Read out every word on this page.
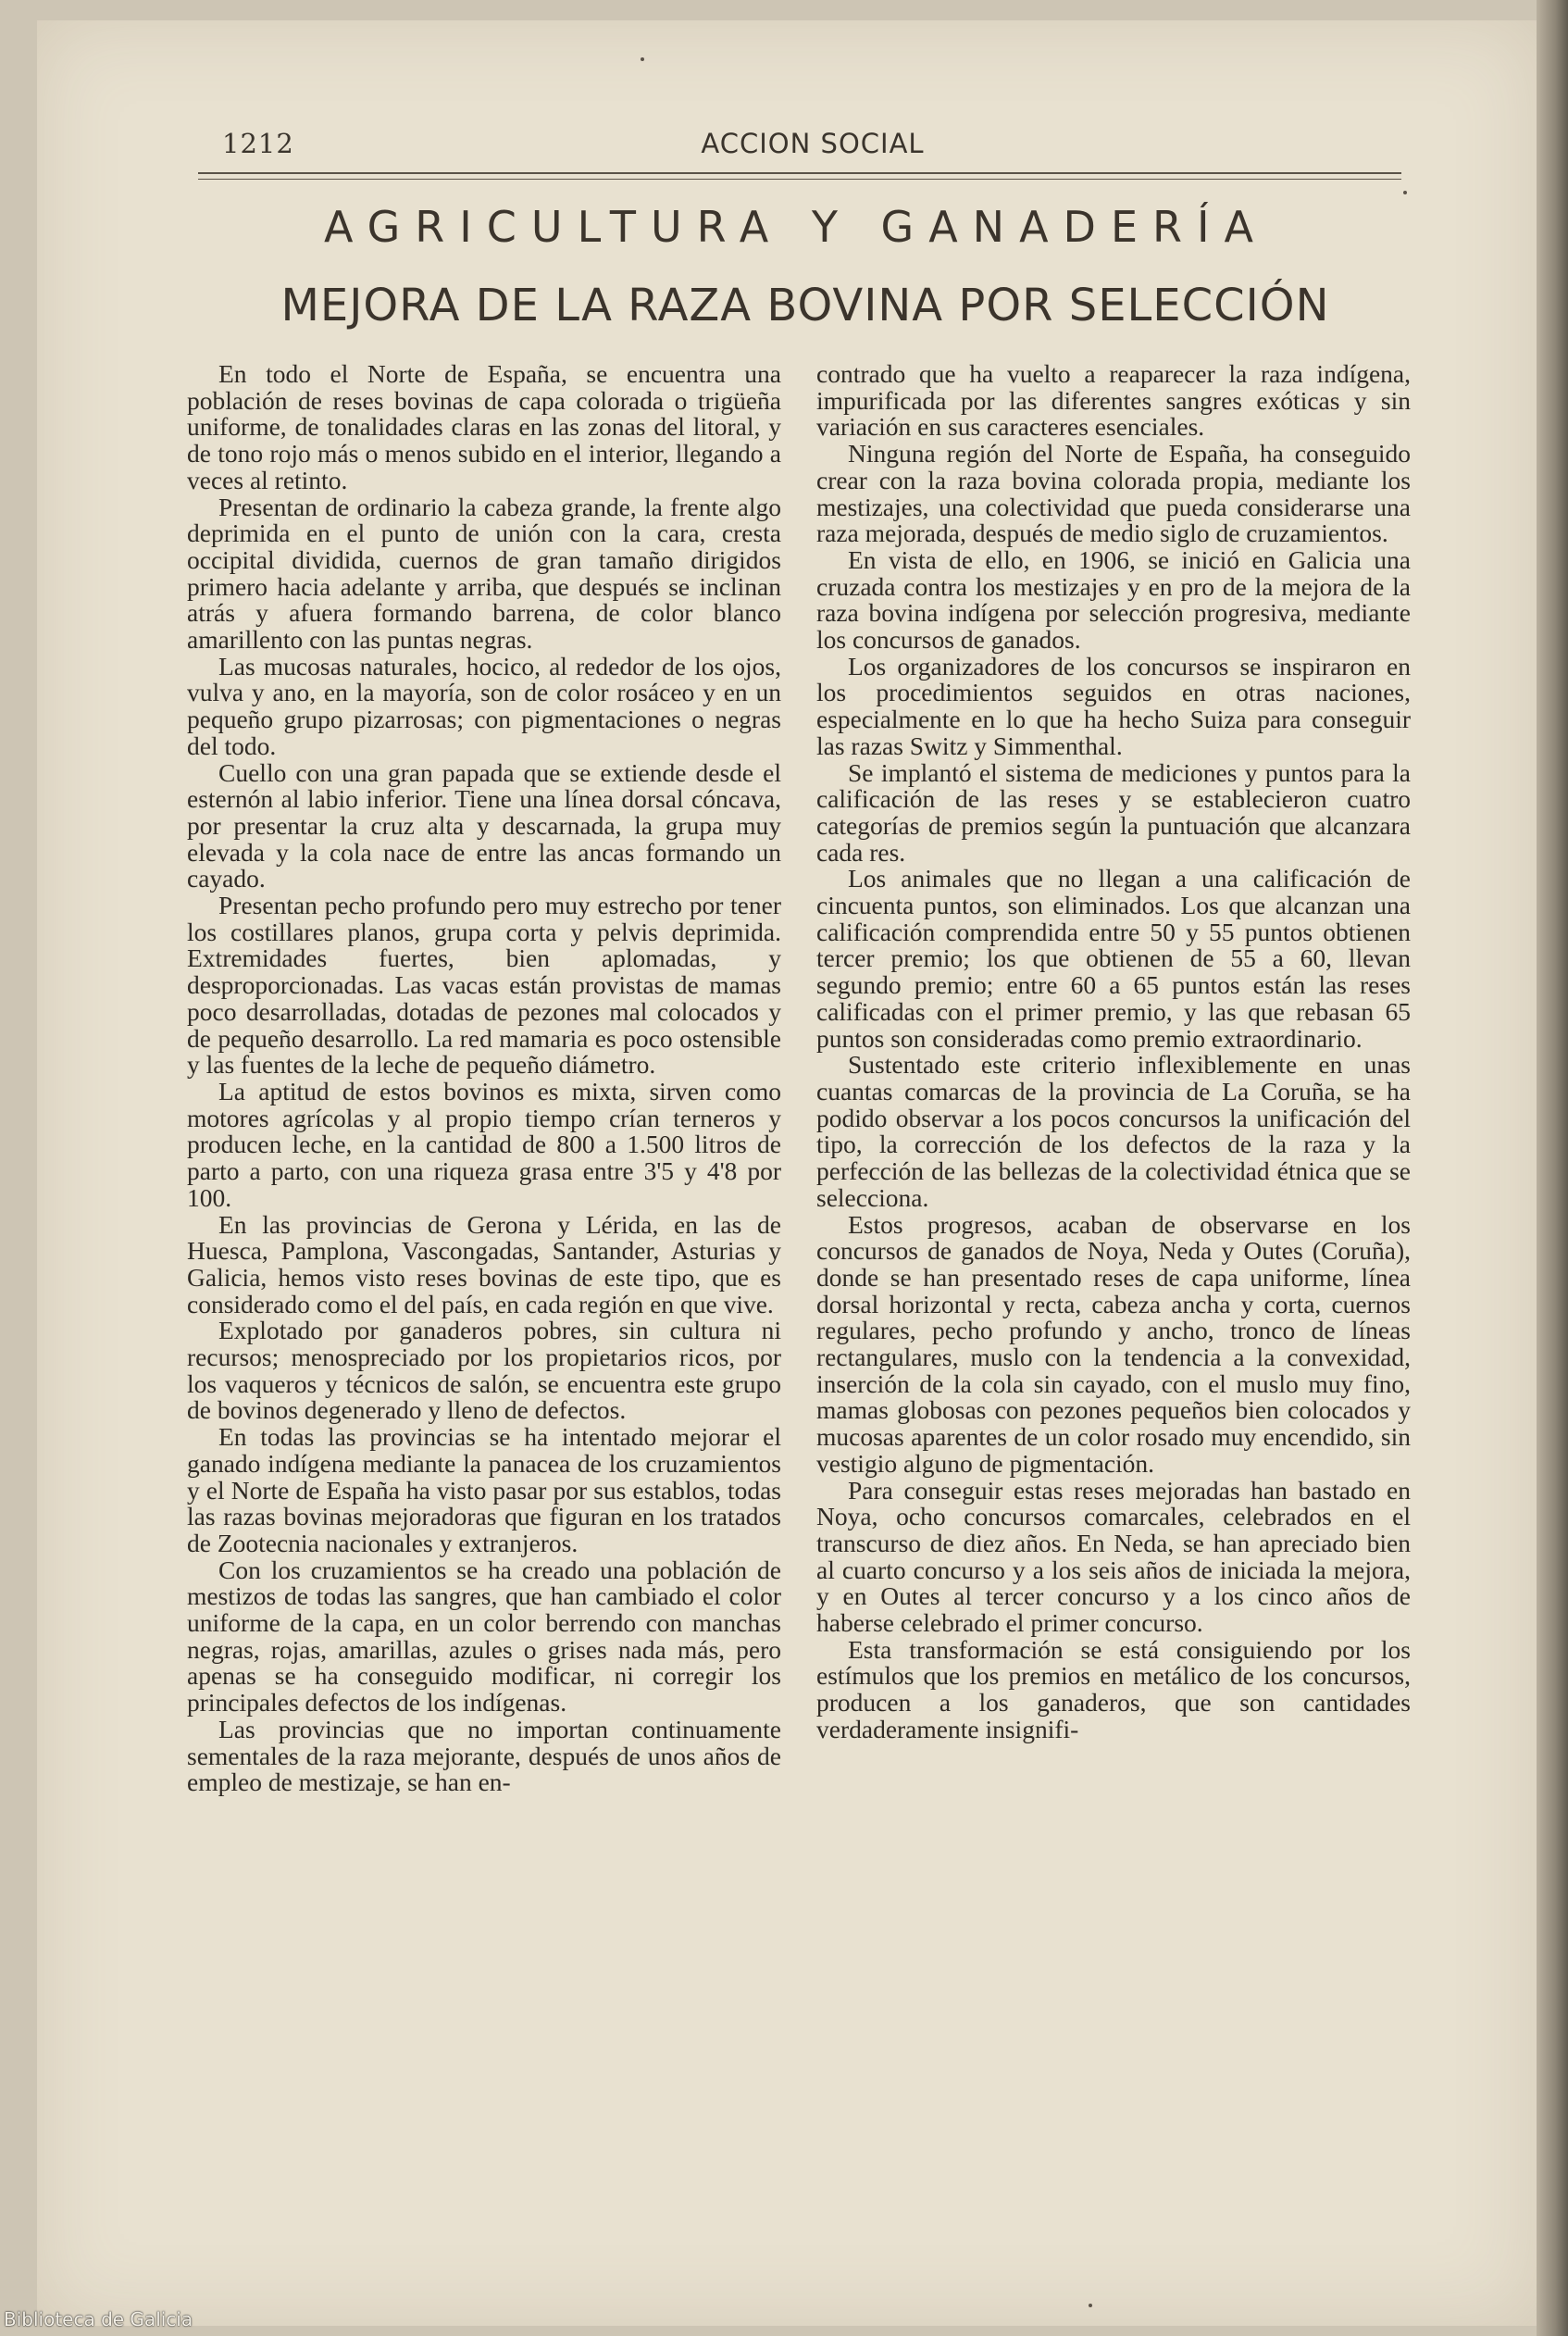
1212	ACCION SOCIAL
AGRICULTURA Y GANADERÍA
MEJORA DE LA RAZA BOVINA POR SELECCIÓN

En todo el Norte de España, se encuentra una población de reses bovinas de capa colorada o trigüeña uniforme, de tonalidades claras en las zonas del litoral, y de tono rojo más o menos subido en el interior, llegando a veces al retinto.

Presentan de ordinario la cabeza grande, la frente algo deprimida en el punto de unión con la cara, cresta occipital dividida, cuernos de gran tamaño dirigidos primero hacia adelante y arriba, que después se inclinan atrás y afuera formando barrena, de color blanco amarillento con las puntas negras.

Las mucosas naturales, hocico, al rededor de los ojos, vulva y ano, en la mayoría, son de color rosáceo y en un pequeño grupo pizarrosas; con pigmentaciones o negras del todo.

Cuello con una gran papada que se extiende desde el esternón al labio inferior. Tiene una línea dorsal cóncava, por presentar la cruz alta y descarnada, la grupa muy elevada y la cola nace de entre las ancas formando un cayado.

Presentan pecho profundo pero muy estrecho por tener los costillares planos, grupa corta y pelvis deprimida. Extremidades fuertes, bien aplomadas, y desproporcionadas. Las vacas están provistas de mamas poco desarrolladas, dotadas de pezones mal colocados y de pequeño desarrollo. La red mamaria es poco ostensible y las fuentes de la leche de pequeño diámetro.

La aptitud de estos bovinos es mixta, sirven como motores agrícolas y al propio tiempo crían terneros y producen leche, en la cantidad de 800 a 1.500 litros de parto a parto, con una riqueza grasa entre 3'5 y 4'8 por 100.

En las provincias de Gerona y Lérida, en las de Huesca, Pamplona, Vascongadas, Santander, Asturias y Galicia, hemos visto reses bovinas de este tipo, que es considerado como el del país, en cada región en que vive.

Explotado por ganaderos pobres, sin cultura ni recursos; menospreciado por los propietarios ricos, por los vaqueros y técnicos de salón, se encuentra este grupo de bovinos degenerado y lleno de defectos.

En todas las provincias se ha intentado mejorar el ganado indígena mediante la panacea de los cruzamientos y el Norte de España ha visto pasar por sus establos, todas las razas bovinas mejoradoras que figuran en los tratados de Zootecnia nacionales y extranjeros.

Con los cruzamientos se ha creado una población de mestizos de todas las sangres, que han cambiado el color uniforme de la capa, en un color berrendo con manchas negras, rojas, amarillas, azules o grises nada más, pero apenas se ha conseguido modificar, ni corregir los principales defectos de los indígenas.

Las provincias que no importan continuamente sementales de la raza mejorante, después de unos años de empleo de mestizaje, se han en-

contrado que ha vuelto a reaparecer la raza indígena, impurificada por las diferentes sangres exóticas y sin variación en sus caracteres esenciales.

Ninguna región del Norte de España, ha conseguido crear con la raza bovina colorada propia, mediante los mestizajes, una colectividad que pueda considerarse una raza mejorada, después de medio siglo de cruzamientos.

En vista de ello, en 1906, se inició en Galicia una cruzada contra los mestizajes y en pro de la mejora de la raza bovina indígena por selección progresiva, mediante los concursos de ganados.

Los organizadores de los concursos se inspiraron en los procedimientos seguidos en otras naciones, especialmente en lo que ha hecho Suiza para conseguir las razas Switz y Simmenthal.

Se implantó el sistema de mediciones y puntos para la calificación de las reses y se establecieron cuatro categorías de premios según la puntuación que alcanzara cada res.

Los animales que no llegan a una calificación de cincuenta puntos, son eliminados. Los que alcanzan una calificación comprendida entre 50 y 55 puntos obtienen tercer premio; los que obtienen de 55 a 60, llevan segundo premio; entre 60 a 65 puntos están las reses calificadas con el primer premio, y las que rebasan 65 puntos son consideradas como premio extraordinario.

Sustentado este criterio inflexiblemente en unas cuantas comarcas de la provincia de La Coruña, se ha podido observar a los pocos concursos la unificación del tipo, la corrección de los defectos de la raza y la perfección de las bellezas de la colectividad étnica que se selecciona.

Estos progresos, acaban de observarse en los concursos de ganados de Noya, Neda y Outes (Coruña), donde se han presentado reses de capa uniforme, línea dorsal horizontal y recta, cabeza ancha y corta, cuernos regulares, pecho profundo y ancho, tronco de líneas rectangulares, muslo con la tendencia a la convexidad, inserción de la cola sin cayado, con el muslo muy fino, mamas globosas con pezones pequeños bien colocados y mucosas aparentes de un color rosado muy encendido, sin vestigio alguno de pigmentación.

Para conseguir estas reses mejoradas han bastado en Noya, ocho concursos comarcales, celebrados en el transcurso de diez años. En Neda, se han apreciado bien al cuarto concurso y a los seis años de iniciada la mejora, y en Outes al tercer concurso y a los cinco años de haberse celebrado el primer concurso.

Esta transformación se está consiguiendo por los estímulos que los premios en metálico de los concursos, producen a los ganaderos, que son cantidades verdaderamente insignifi-

Biblioteca de Galicia
